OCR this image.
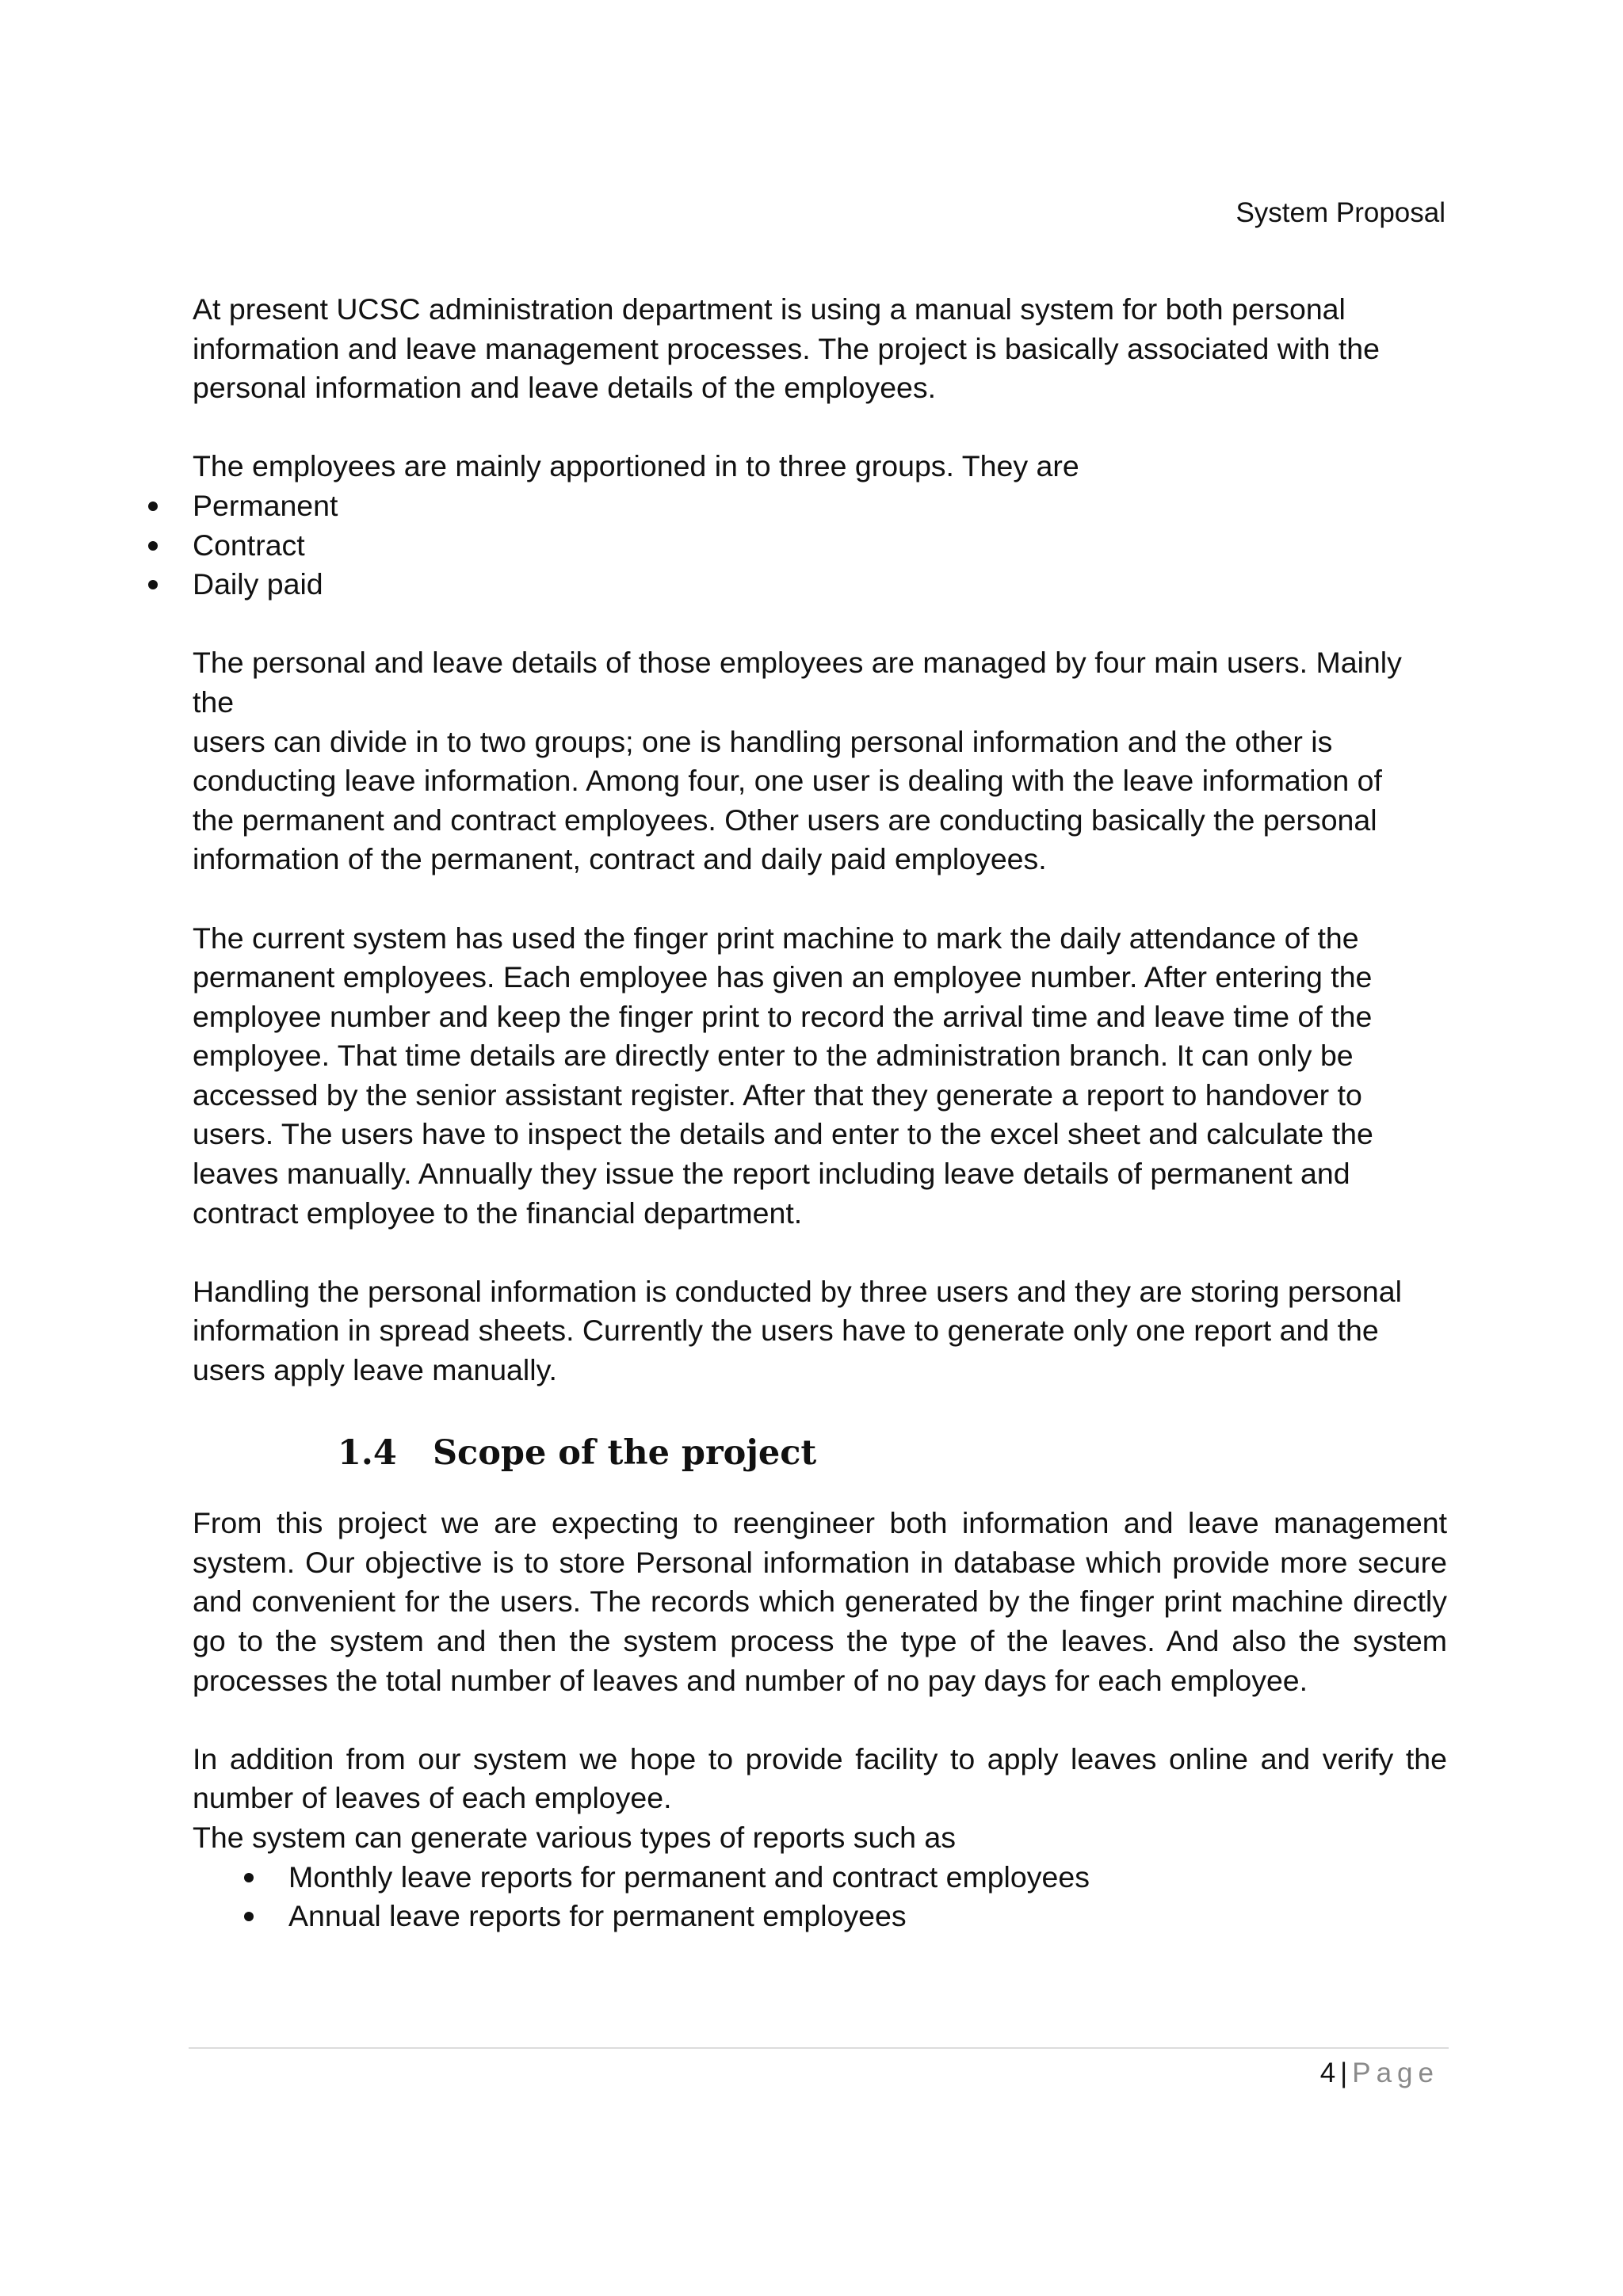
System Proposal

At present UCSC administration department is using a manual system for both personal
information and leave management processes. The project is basically associated with the
personal information and leave details of the employees.

The employees are mainly apportioned in to three groups. They are

Permanent
Contract
Daily paid

The personal and leave details of those employees are managed by four main users. Mainly the
users can divide in to two groups; one is handling personal information and the other is
conducting leave information. Among four, one user is dealing with the leave information of
the permanent and contract employees. Other users are conducting basically the personal
information of the permanent, contract and daily paid employees.

The current system has used the finger print machine to mark the daily attendance of the
permanent employees. Each employee has given an employee number. After entering the
employee number and keep the finger print to record the arrival time and leave time of the
employee. That time details are directly enter to the administration branch. It can only be
accessed by the senior assistant register. After that they generate a report to handover to
users. The users have to inspect the details and enter to the excel sheet and calculate the
leaves manually. Annually they issue the report including leave details of permanent and
contract employee to the financial department.

Handling the personal information is conducted by three users and they are storing personal
information in spread sheets. Currently the users have to generate only one report and the
users apply leave manually.

1.4 Scope of the project

From this project we are expecting to reengineer both information and leave management system. Our objective is to store Personal information in database which provide more secure and convenient for the users. The records which generated by the finger print machine directly go to the system and then the system process the type of the leaves. And also the system processes the total number of leaves and number of no pay days for each employee.

In addition from our system we hope to provide facility to apply leaves online and verify the number of leaves of each employee.

The system can generate various types of reports such as

Monthly leave reports for permanent and contract employees
Annual leave reports for permanent employees
4 | Page
